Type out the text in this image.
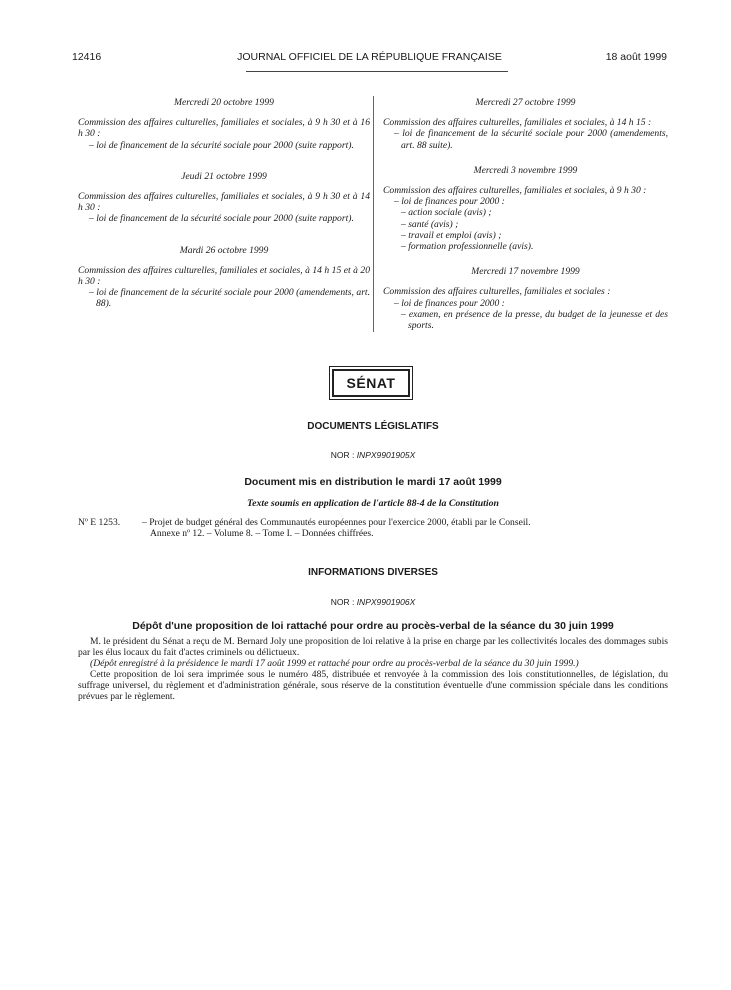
12416	JOURNAL OFFICIEL DE LA RÉPUBLIQUE FRANÇAISE	18 août 1999
Mercredi 20 octobre 1999
Commission des affaires culturelles, familiales et sociales, à 9 h 30 et à 16 h 30 :
– loi de financement de la sécurité sociale pour 2000 (suite rapport).
Jeudi 21 octobre 1999
Commission des affaires culturelles, familiales et sociales, à 9 h 30 et à 14 h 30 :
– loi de financement de la sécurité sociale pour 2000 (suite rapport).
Mardi 26 octobre 1999
Commission des affaires culturelles, familiales et sociales, à 14 h 15 et à 20 h 30 :
– loi de financement de la sécurité sociale pour 2000 (amendements, art. 88).
Mercredi 27 octobre 1999
Commission des affaires culturelles, familiales et sociales, à 14 h 15 :
– loi de financement de la sécurité sociale pour 2000 (amendements, art. 88 suite).
Mercredi 3 novembre 1999
Commission des affaires culturelles, familiales et sociales, à 9 h 30 :
– loi de finances pour 2000 :
– action sociale (avis) ;
– santé (avis) ;
– travail et emploi (avis) ;
– formation professionnelle (avis).
Mercredi 17 novembre 1999
Commission des affaires culturelles, familiales et sociales :
– loi de finances pour 2000 :
– examen, en présence de la presse, du budget de la jeunesse et des sports.
SÉNAT
DOCUMENTS LÉGISLATIFS
NOR : INPX9901905X
Document mis en distribution le mardi 17 août 1999
Texte soumis en application de l'article 88-4 de la Constitution
Nº E 1253. – Projet de budget général des Communautés européennes pour l'exercice 2000, établi par le Conseil.
Annexe nº 12. – Volume 8. – Tome I. – Données chiffrées.
INFORMATIONS DIVERSES
NOR : INPX9901906X
Dépôt d'une proposition de loi rattaché pour ordre au procès-verbal de la séance du 30 juin 1999

M. le président du Sénat a reçu de M. Bernard Joly une proposition de loi relative à la prise en charge par les collectivités locales des dommages subis par les élus locaux du fait d'actes criminels ou délictueux.

(Dépôt enregistré à la présidence le mardi 17 août 1999 et rattaché pour ordre au procès-verbal de la séance du 30 juin 1999.)

Cette proposition de loi sera imprimée sous le numéro 485, distribuée et renvoyée à la commission des lois constitutionnelles, de législation, du suffrage universel, du règlement et d'administration générale, sous réserve de la constitution éventuelle d'une commission spéciale dans les conditions prévues par le règlement.
